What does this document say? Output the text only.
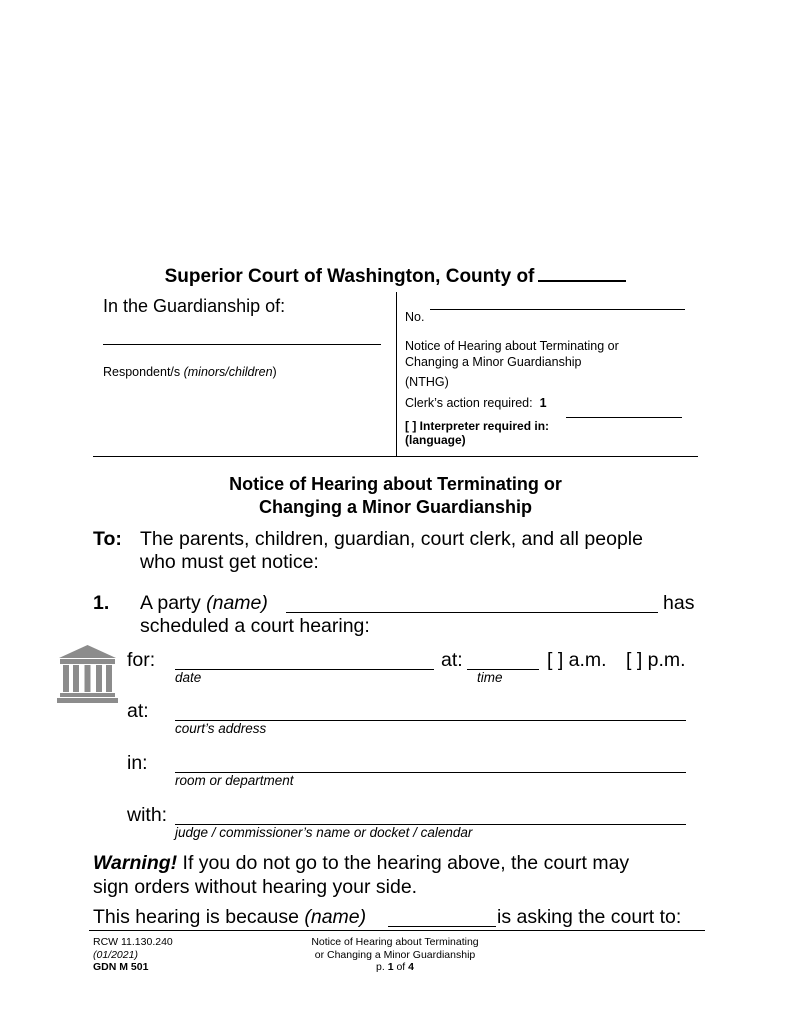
Superior Court of Washington, County of
In the Guardianship of:
Respondent/s (minors/children)
No.
Notice of Hearing about Terminating or
Changing a Minor Guardianship
(NTHG)
Clerk’s action required: 1
[ ] Interpreter required in:
(language)
Notice of Hearing about Terminating or
Changing a Minor Guardianship
To: The parents, children, guardian, court clerk, and all people
who must get notice:
1. A party (name)	has
scheduled a court hearing:
for:	at:	[ ] a.m. [ ] p.m.
date	time
at:
court’s address
in:
room or department
with:
judge / commissioner’s name or docket / calendar
Warning! If you do not go to the hearing above, the court may
sign orders without hearing your side.
This hearing is because (name)	is asking the court to:
RCW 11.130.240
(01/2021)
GDN M 501
Notice of Hearing about Terminating
or Changing a Minor Guardianship
p. 1 of 4
